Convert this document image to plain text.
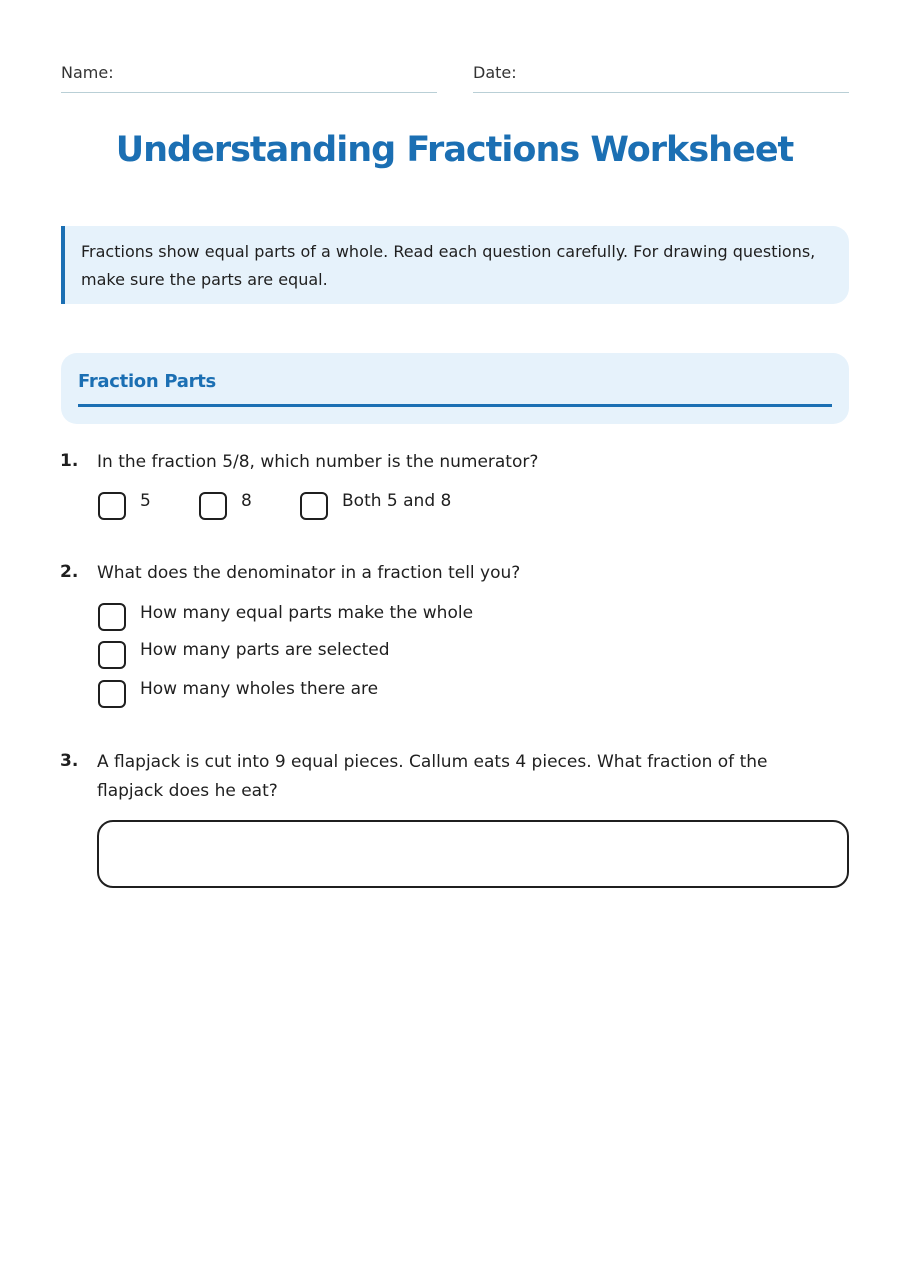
Name:	Date:
Understanding Fractions Worksheet
Fractions show equal parts of a whole. Read each question carefully. For drawing questions, make sure the parts are equal.
Fraction Parts
1. In the fraction 5/8, which number is the numerator?
5	8	Both 5 and 8
2. What does the denominator in a fraction tell you?
How many equal parts make the whole
How many parts are selected
How many wholes there are
3. A flapjack is cut into 9 equal pieces. Callum eats 4 pieces. What fraction of the flapjack does he eat?
